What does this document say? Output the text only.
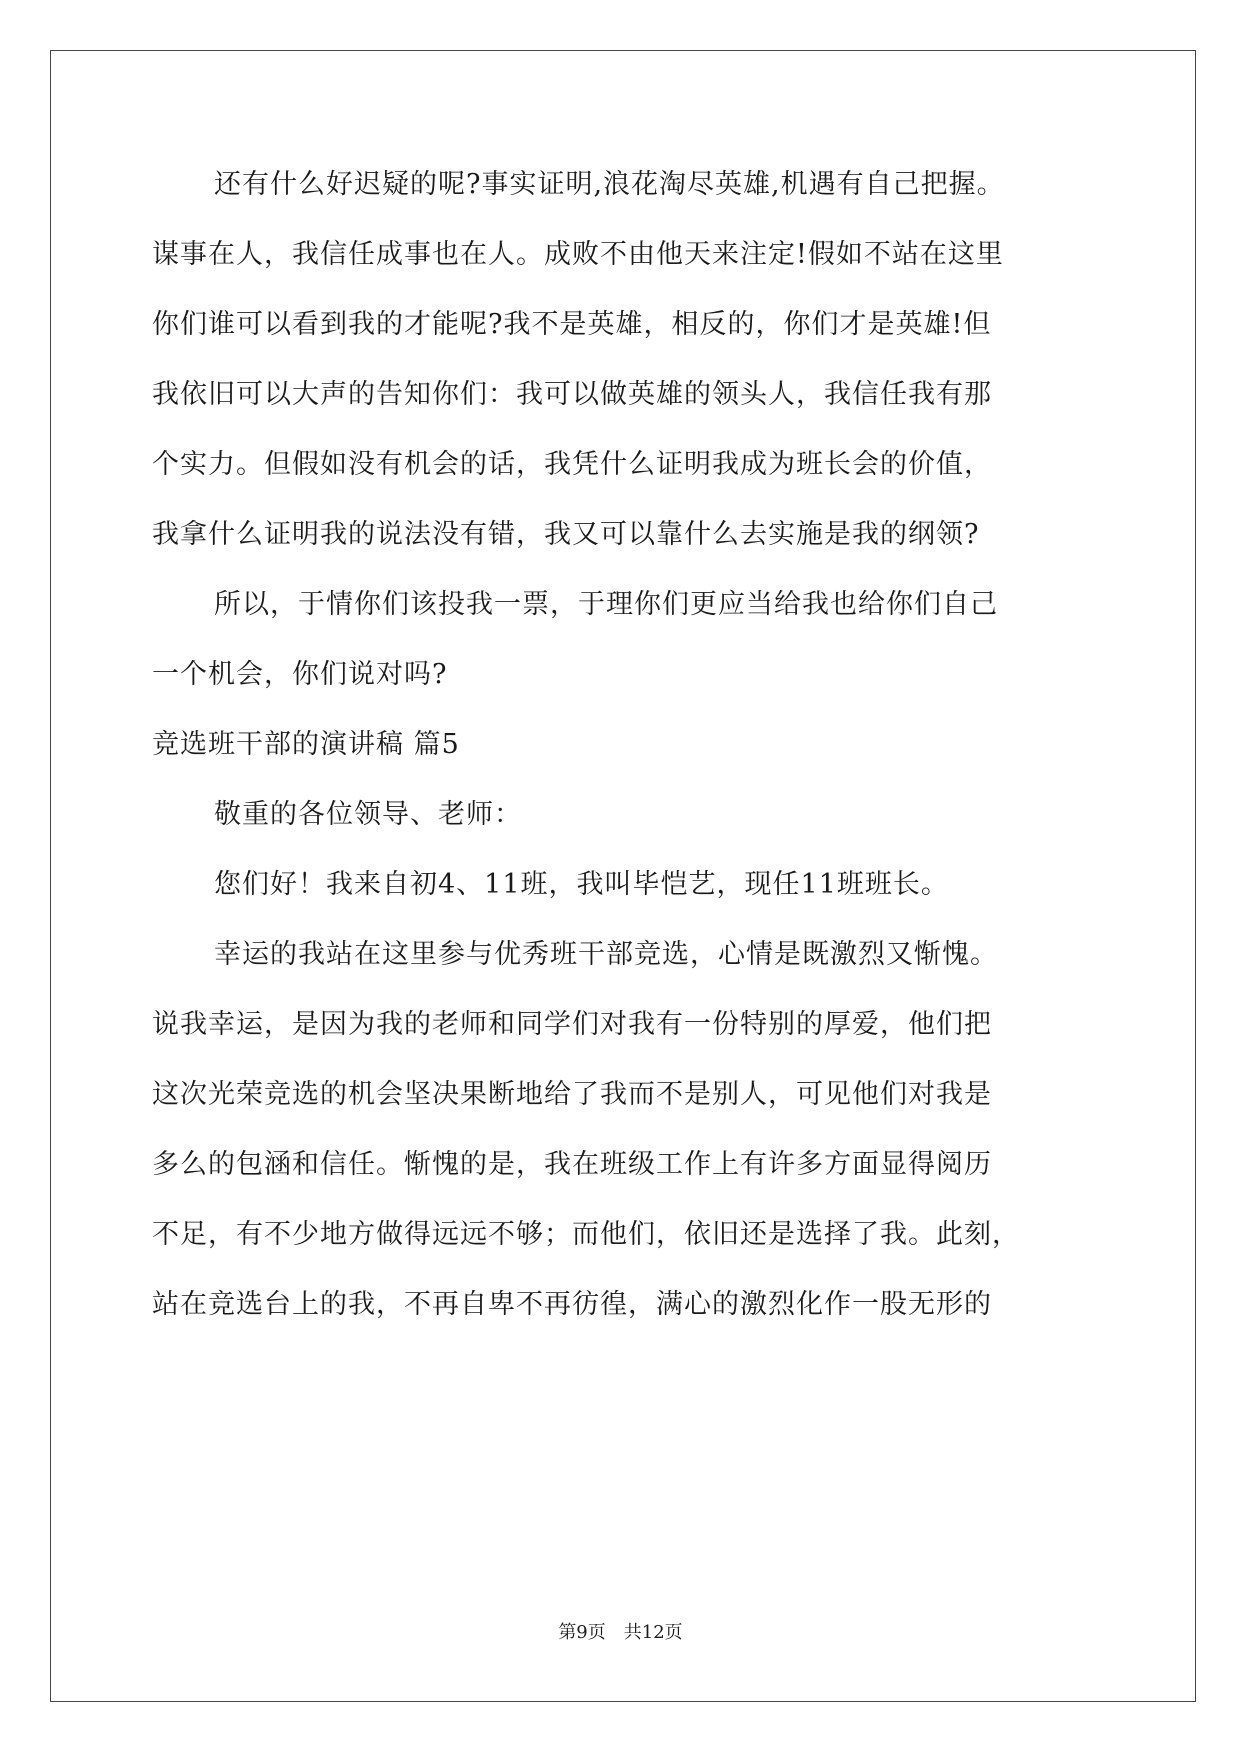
还有什么好迟疑的呢?事实证明,浪花淘尽英雄,机遇有自己把握。
谋事在人，我信任成事也在人。成败不由他天来注定!假如不站在这里
你们谁可以看到我的才能呢?我不是英雄，相反的，你们才是英雄!但
我依旧可以大声的告知你们：我可以做英雄的领头人，我信任我有那
个实力。但假如没有机会的话，我凭什么证明我成为班长会的价值，
我拿什么证明我的说法没有错，我又可以靠什么去实施是我的纲领?
所以，于情你们该投我一票，于理你们更应当给我也给你们自己
一个机会，你们说对吗?
竞选班干部的演讲稿 篇5
敬重的各位领导、老师：
您们好！我来自初4、11班，我叫毕恺艺，现任11班班长。
幸运的我站在这里参与优秀班干部竞选，心情是既激烈又惭愧。
说我幸运，是因为我的老师和同学们对我有一份特别的厚爱，他们把
这次光荣竞选的机会坚决果断地给了我而不是别人，可见他们对我是
多么的包涵和信任。惭愧的是，我在班级工作上有许多方面显得阅历
不足，有不少地方做得远远不够；而他们，依旧还是选择了我。此刻，
站在竞选台上的我，不再自卑不再彷徨，满心的激烈化作一股无形的
第9页 共12页
